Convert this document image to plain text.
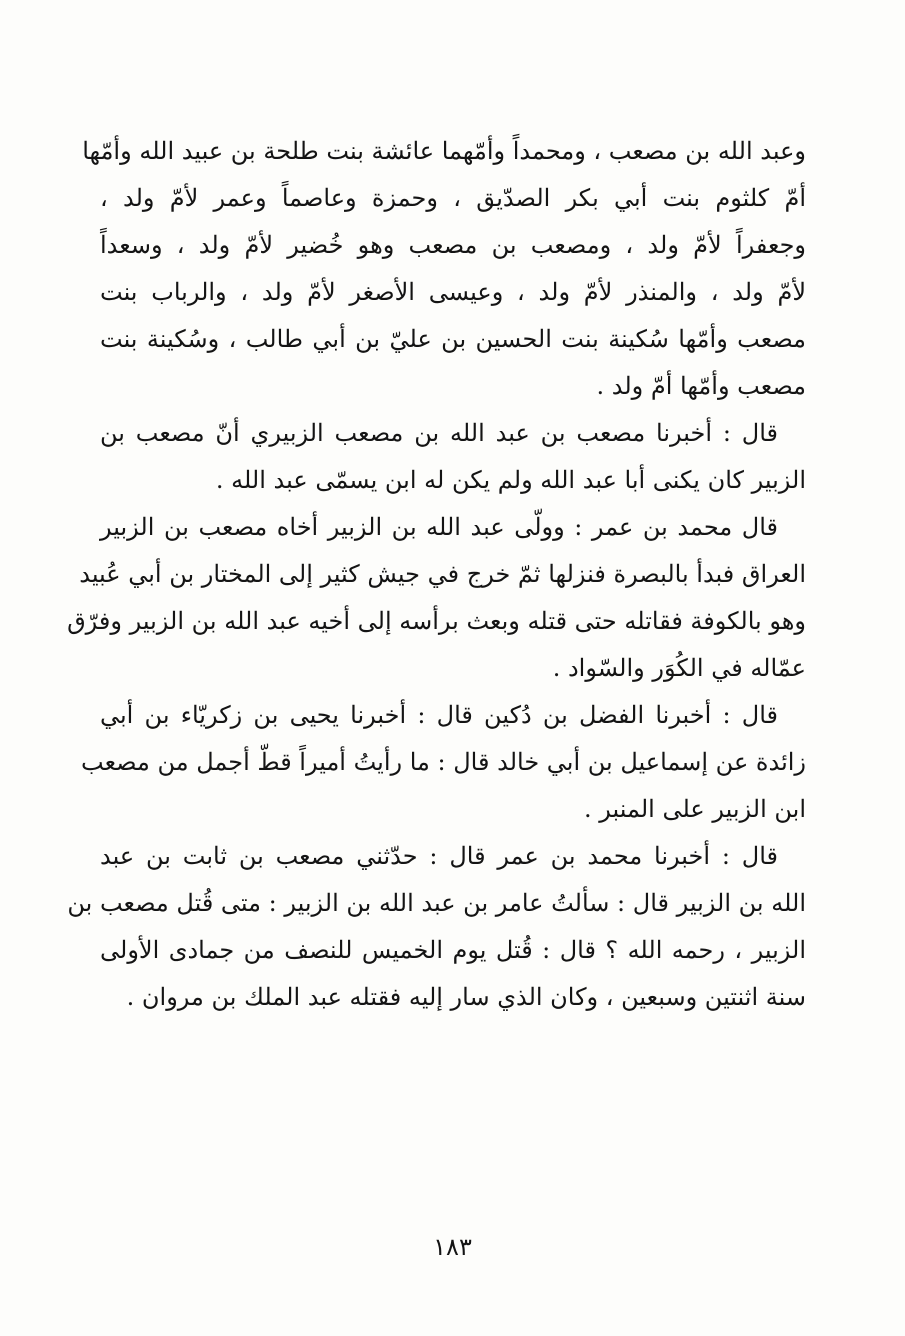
وعبد الله بن مصعب ، ومحمداً وأمّهما عائشة بنت طلحة بن عبيد الله وأمّها
أمّ كلثوم بنت أبي بكر الصدّيق ، وحمزة وعاصماً وعمر لأمّ ولد ،
وجعفراً لأمّ ولد ، ومصعب بن مصعب وهو خُضير لأمّ ولد ، وسعداً
لأمّ ولد ، والمنذر لأمّ ولد ، وعيسى الأصغر لأمّ ولد ، والرباب بنت
مصعب وأمّها سُكينة بنت الحسين بن عليّ بن أبي طالب ، وسُكينة بنت
مصعب وأمّها أمّ ولد .
قال : أخبرنا مصعب بن عبد الله بن مصعب الزبيري أنّ مصعب بن
الزبير كان يكنى أبا عبد الله ولم يكن له ابن يسمّى عبد الله .
قال محمد بن عمر : وولّى عبد الله بن الزبير أخاه مصعب بن الزبير
العراق فبدأ بالبصرة فنزلها ثمّ خرج في جيش كثير إلى المختار بن أبي عُبيد
وهو بالكوفة فقاتله حتى قتله وبعث برأسه إلى أخيه عبد الله بن الزبير وفرّق
عمّاله في الكُوَر والسّواد .
قال : أخبرنا الفضل بن دُكين قال : أخبرنا يحيى بن زكريّاء بن أبي
زائدة عن إسماعيل بن أبي خالد قال : ما رأيتُ أميراً قطّ أجمل من مصعب
ابن الزبير على المنبر .
قال : أخبرنا محمد بن عمر قال : حدّثني مصعب بن ثابت بن عبد
الله بن الزبير قال : سألتُ عامر بن عبد الله بن الزبير : متى قُتل مصعب بن
الزبير ، رحمه الله ؟ قال : قُتل يوم الخميس للنصف من جمادى الأولى
سنة اثنتين وسبعين ، وكان الذي سار إليه فقتله عبد الملك بن مروان .
١٨٣
